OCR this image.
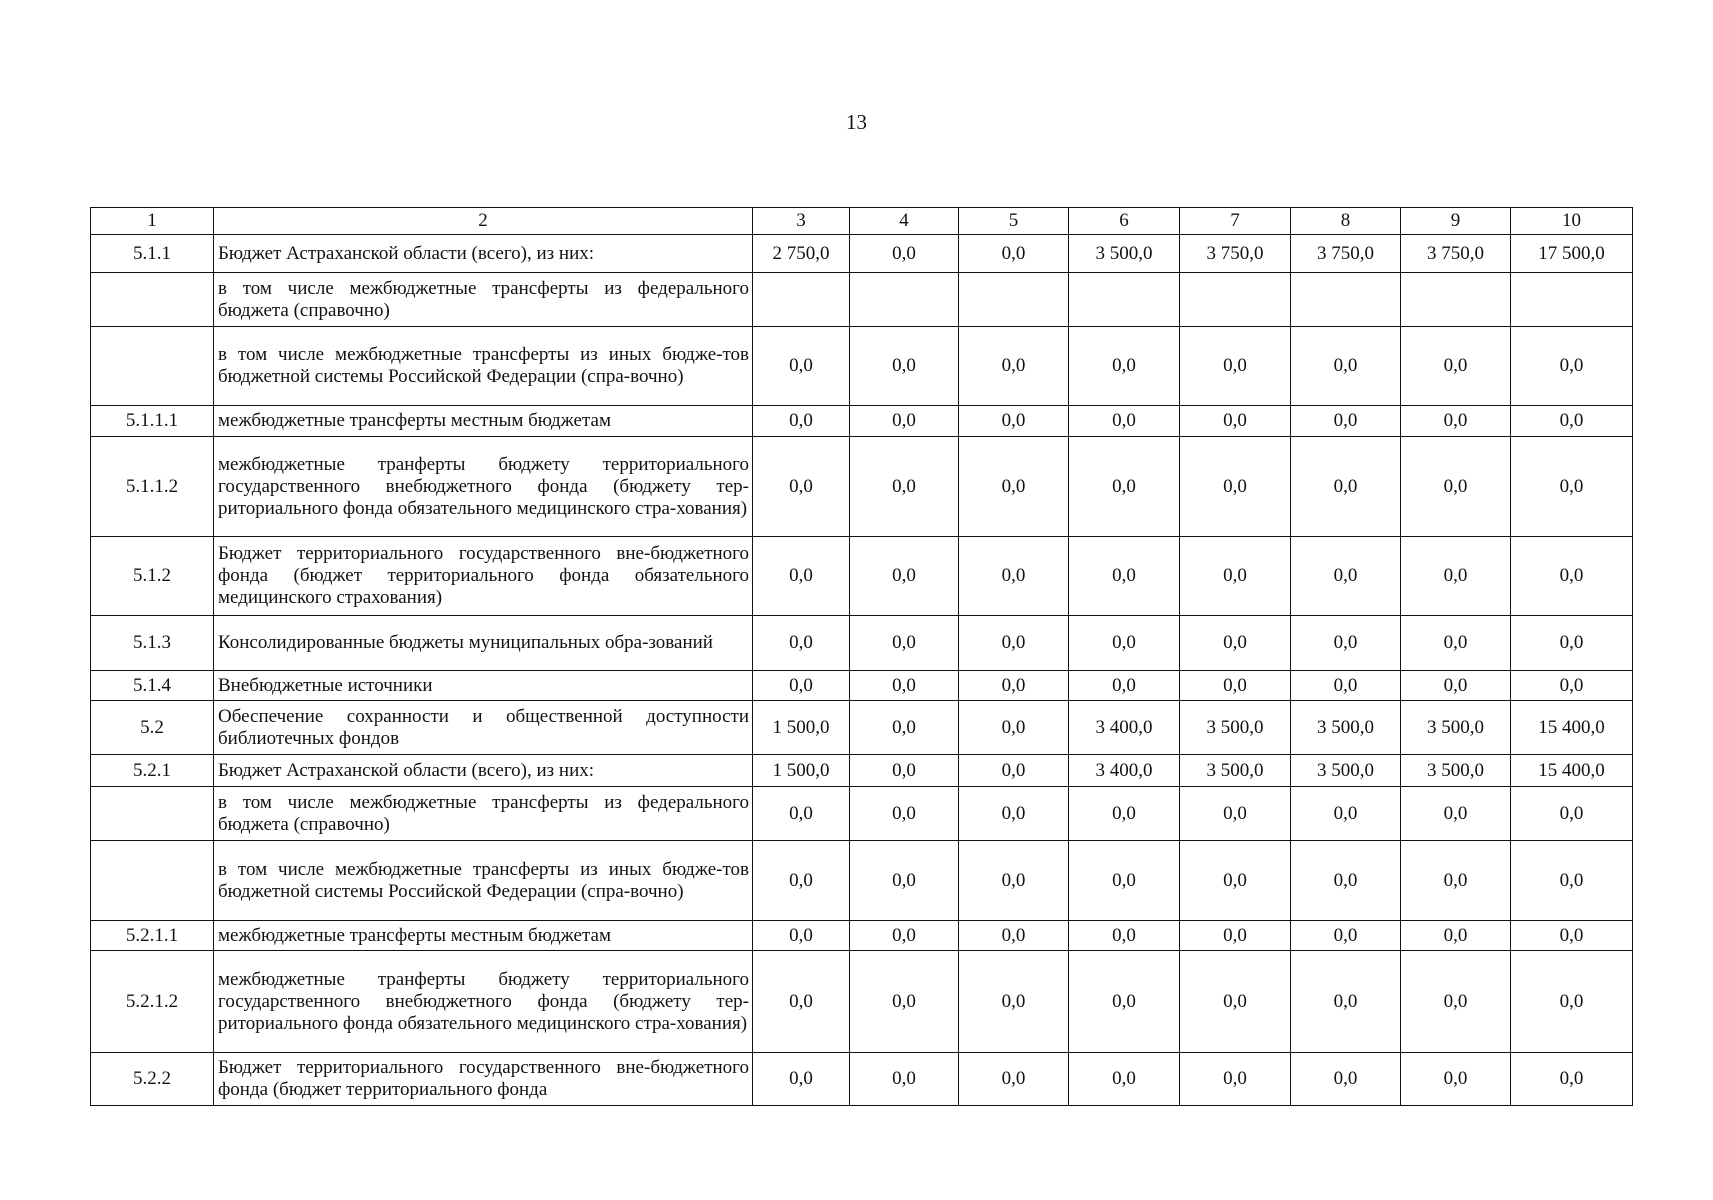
13
1	2	3	4	5	6	7	8	9	10
5.1.1	Бюджет Астраханской области (всего), из них:	2 750,0	0,0	0,0	3 500,0	3 750,0	3 750,0	3 750,0	17 500,0
	в том числе межбюджетные трансферты из федерального бюджета (справочно)								
	в том числе межбюджетные трансферты из иных бюдже-тов бюджетной системы Российской Федерации (спра-вочно)	0,0	0,0	0,0	0,0	0,0	0,0	0,0	0,0
5.1.1.1	межбюджетные трансферты местным бюджетам	0,0	0,0	0,0	0,0	0,0	0,0	0,0	0,0
5.1.1.2	межбюджетные транферты бюджету территориального государственного внебюджетного фонда (бюджету тер-риториального фонда обязательного медицинского стра-хования)	0,0	0,0	0,0	0,0	0,0	0,0	0,0	0,0
5.1.2	Бюджет территориального государственного вне-бюджетного фонда (бюджет территориального фонда обязательного медицинского страхования)	0,0	0,0	0,0	0,0	0,0	0,0	0,0	0,0
5.1.3	Консолидированные бюджеты муниципальных обра-зований	0,0	0,0	0,0	0,0	0,0	0,0	0,0	0,0
5.1.4	Внебюджетные источники	0,0	0,0	0,0	0,0	0,0	0,0	0,0	0,0
5.2	Обеспечение сохранности и общественной доступности библиотечных фондов	1 500,0	0,0	0,0	3 400,0	3 500,0	3 500,0	3 500,0	15 400,0
5.2.1	Бюджет Астраханской области (всего), из них:	1 500,0	0,0	0,0	3 400,0	3 500,0	3 500,0	3 500,0	15 400,0
	в том числе межбюджетные трансферты из федерального бюджета (справочно)	0,0	0,0	0,0	0,0	0,0	0,0	0,0	0,0
	в том числе межбюджетные трансферты из иных бюдже-тов бюджетной системы Российской Федерации (спра-вочно)	0,0	0,0	0,0	0,0	0,0	0,0	0,0	0,0
5.2.1.1	межбюджетные трансферты местным бюджетам	0,0	0,0	0,0	0,0	0,0	0,0	0,0	0,0
5.2.1.2	межбюджетные транферты бюджету территориального государственного внебюджетного фонда (бюджету тер-риториального фонда обязательного медицинского стра-хования)	0,0	0,0	0,0	0,0	0,0	0,0	0,0	0,0
5.2.2	Бюджет территориального государственного вне-бюджетного фонда (бюджет территориального фонда	0,0	0,0	0,0	0,0	0,0	0,0	0,0	0,0
